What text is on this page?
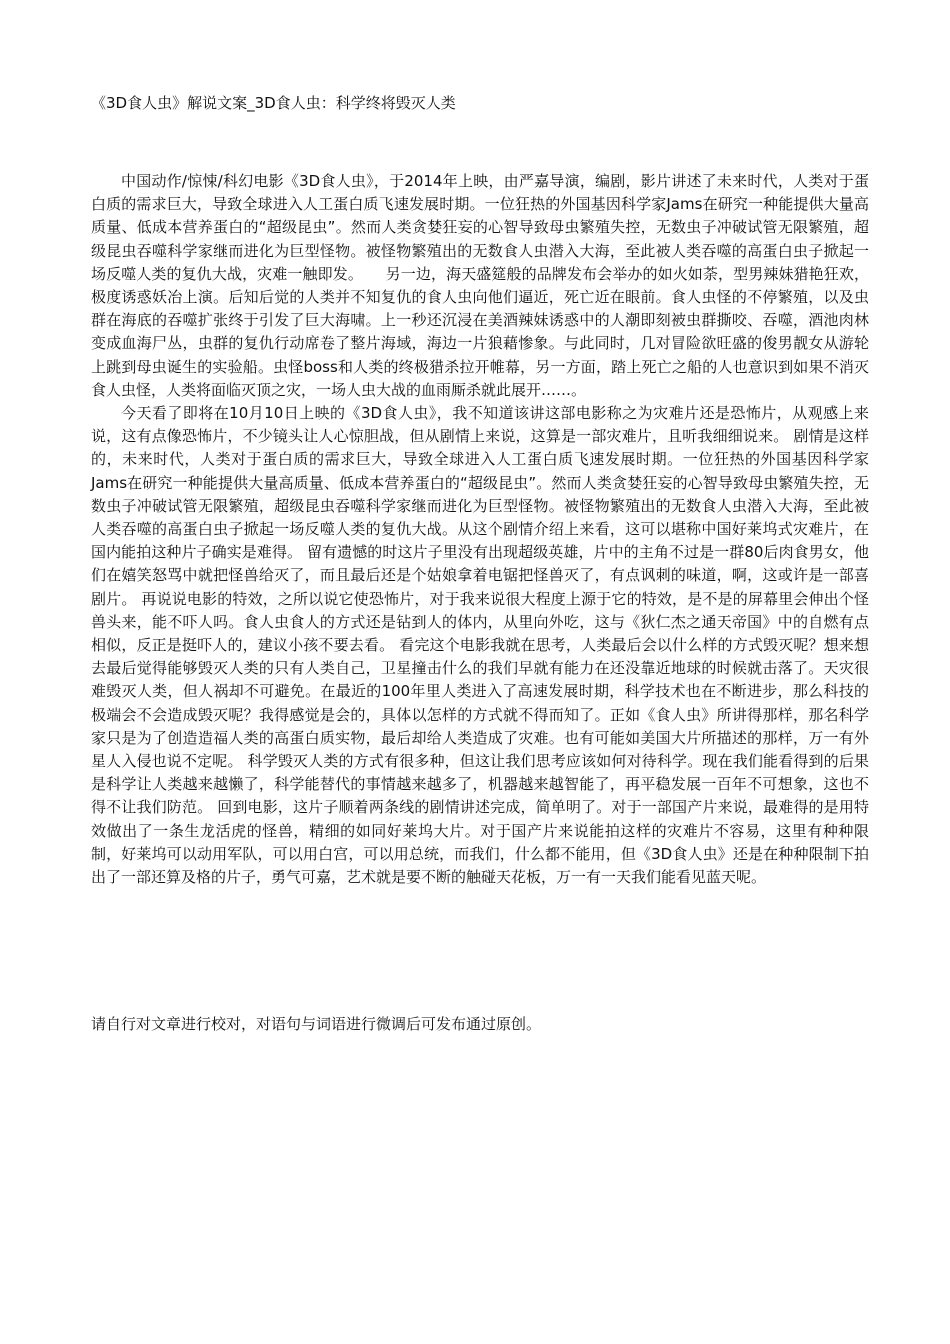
《3D食人虫》解说文案_3D食人虫：科学终将毁灭人类

中国动作/惊悚/科幻电影《3D食人虫》，于2014年上映，由严嘉导演，编剧，影片讲述了未来时代，人类对于蛋白质的需求巨大，导致全球进入人工蛋白质飞速发展时期。一位狂热的外国基因科学家Jams在研究一种能提供大量高质量、低成本营养蛋白的“超级昆虫”。然而人类贪婪狂妄的心智导致母虫繁殖失控，无数虫子冲破试管无限繁殖，超级昆虫吞噬科学家继而进化为巨型怪物。被怪物繁殖出的无数食人虫潜入大海，至此被人类吞噬的高蛋白虫子掀起一场反噬人类的复仇大战，灾难一触即发。　　另一边，海天盛筵般的品牌发布会举办的如火如荼，型男辣妹猎艳狂欢，极度诱惑妖冶上演。后知后觉的人类并不知复仇的食人虫向他们逼近，死亡近在眼前。食人虫怪的不停繁殖，以及虫群在海底的吞噬扩张终于引发了巨大海啸。上一秒还沉浸在美酒辣妹诱惑中的人潮即刻被虫群撕咬、吞噬，酒池肉林变成血海尸丛，虫群的复仇行动席卷了整片海域，海边一片狼藉惨象。与此同时，几对冒险欲旺盛的俊男靓女从游轮上跳到母虫诞生的实验船。虫怪boss和人类的终极猎杀拉开帷幕，另一方面，踏上死亡之船的人也意识到如果不消灭食人虫怪，人类将面临灭顶之灾，一场人虫大战的血雨厮杀就此展开……。

今天看了即将在10月10日上映的《3D食人虫》，我不知道该讲这部电影称之为灾难片还是恐怖片，从观感上来说，这有点像恐怖片，不少镜头让人心惊胆战，但从剧情上来说，这算是一部灾难片，且听我细细说来。 剧情是这样的，未来时代，人类对于蛋白质的需求巨大，导致全球进入人工蛋白质飞速发展时期。一位狂热的外国基因科学家Jams在研究一种能提供大量高质量、低成本营养蛋白的“超级昆虫”。然而人类贪婪狂妄的心智导致母虫繁殖失控，无数虫子冲破试管无限繁殖，超级昆虫吞噬科学家继而进化为巨型怪物。被怪物繁殖出的无数食人虫潜入大海，至此被人类吞噬的高蛋白虫子掀起一场反噬人类的复仇大战。从这个剧情介绍上来看，这可以堪称中国好莱坞式灾难片，在国内能拍这种片子确实是难得。 留有遗憾的时这片子里没有出现超级英雄，片中的主角不过是一群80后肉食男女，他们在嬉笑怒骂中就把怪兽给灭了，而且最后还是个姑娘拿着电锯把怪兽灭了，有点讽刺的味道，啊，这或许是一部喜剧片。 再说说电影的特效，之所以说它使恐怖片，对于我来说很大程度上源于它的特效，是不是的屏幕里会伸出个怪兽头来，能不吓人吗。食人虫食人的方式还是钻到人的体内，从里向外吃，这与《狄仁杰之通天帝国》中的自燃有点相似，反正是挺吓人的，建议小孩不要去看。 看完这个电影我就在思考，人类最后会以什么样的方式毁灭呢？想来想去最后觉得能够毁灭人类的只有人类自己，卫星撞击什么的我们早就有能力在还没靠近地球的时候就击落了。天灾很难毁灭人类，但人祸却不可避免。在最近的100年里人类进入了高速发展时期，科学技术也在不断进步，那么科技的极端会不会造成毁灭呢？我得感觉是会的，具体以怎样的方式就不得而知了。正如《食人虫》所讲得那样，那名科学家只是为了创造造福人类的高蛋白质实物，最后却给人类造成了灾难。也有可能如美国大片所描述的那样，万一有外星人入侵也说不定呢。 科学毁灭人类的方式有很多种，但这让我们思考应该如何对待科学。现在我们能看得到的后果是科学让人类越来越懒了，科学能替代的事情越来越多了，机器越来越智能了，再平稳发展一百年不可想象，这也不得不让我们防范。 回到电影，这片子顺着两条线的剧情讲述完成，简单明了。对于一部国产片来说，最难得的是用特效做出了一条生龙活虎的怪兽，精细的如同好莱坞大片。对于国产片来说能拍这样的灾难片不容易，这里有种种限制，好莱坞可以动用军队，可以用白宫，可以用总统，而我们，什么都不能用，但《3D食人虫》还是在种种限制下拍出了一部还算及格的片子，勇气可嘉，艺术就是要不断的触碰天花板，万一有一天我们能看见蓝天呢。

请自行对文章进行校对，对语句与词语进行微调后可发布通过原创。
